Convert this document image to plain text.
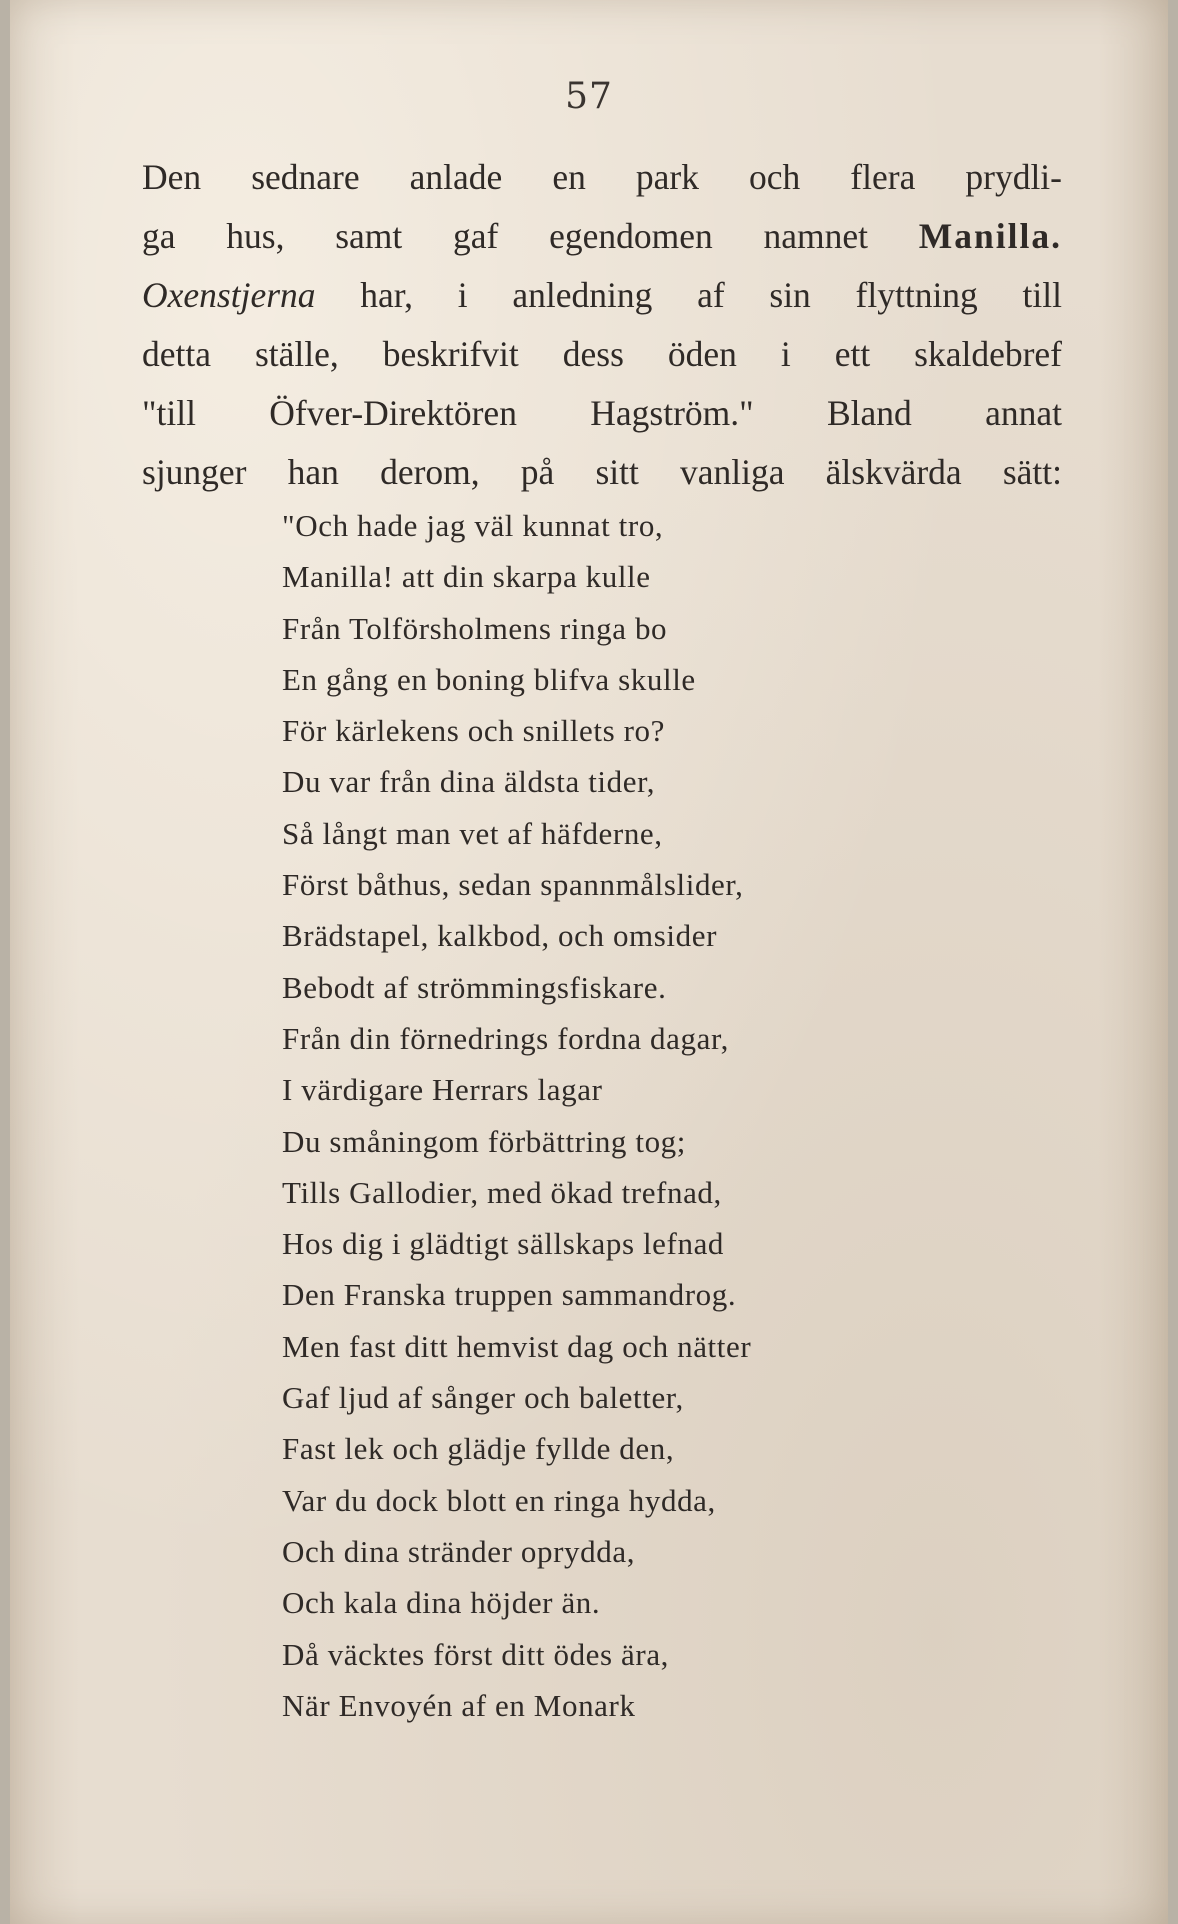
57
Den sednare anlade en park och flera prydli-
ga hus, samt gaf egendomen namnet Manilla.
Oxenstjerna har, i anledning af sin flyttning till
detta ställe, beskrifvit dess öden i ett skaldebref
"till Öfver-Direktören Hagström." Bland annat
sjunger han derom, på sitt vanliga älskvärda sätt:
"Och hade jag väl kunnat tro,
Manilla! att din skarpa kulle
Från Tolförsholmens ringa bo
En gång en boning blifva skulle
För kärlekens och snillets ro?
Du var från dina äldsta tider,
Så långt man vet af häfderne,
Först båthus, sedan spannmålslider,
Brädstapel, kalkbod, och omsider
Bebodt af strömmingsfiskare.
Från din förnedrings fordna dagar,
I värdigare Herrars lagar
Du småningom förbättring tog;
Tills Gallodier, med ökad trefnad,
Hos dig i glädtigt sällskaps lefnad
Den Franska truppen sammandrog.
Men fast ditt hemvist dag och nätter
Gaf ljud af sånger och baletter,
Fast lek och glädje fyllde den,
Var du dock blott en ringa hydda,
Och dina stränder oprydda,
Och kala dina höjder än.
Då väcktes först ditt ödes ära,
När Envoyén af en Monark
